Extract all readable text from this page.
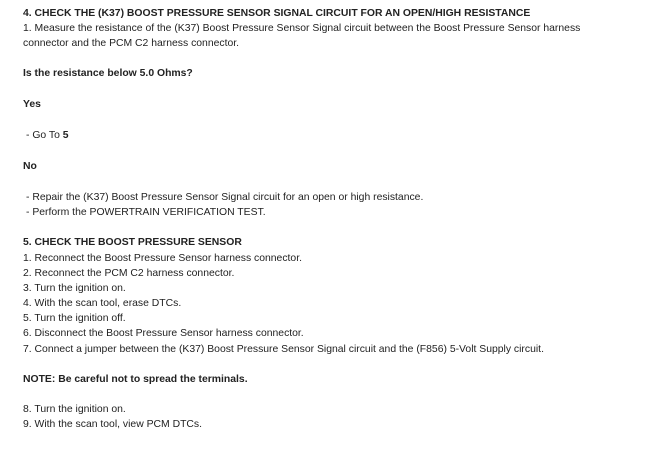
4. CHECK THE (K37) BOOST PRESSURE SENSOR SIGNAL CIRCUIT FOR AN OPEN/HIGH RESISTANCE
1. Measure the resistance of the (K37) Boost Pressure Sensor Signal circuit between the Boost Pressure Sensor harness
connector and the PCM C2 harness connector.
Is the resistance below 5.0 Ohms?
Yes
- Go To 5
No
- Repair the (K37) Boost Pressure Sensor Signal circuit for an open or high resistance.
- Perform the POWERTRAIN VERIFICATION TEST.
5. CHECK THE BOOST PRESSURE SENSOR
1. Reconnect the Boost Pressure Sensor harness connector.
2. Reconnect the PCM C2 harness connector.
3. Turn the ignition on.
4. With the scan tool, erase DTCs.
5. Turn the ignition off.
6. Disconnect the Boost Pressure Sensor harness connector.
7. Connect a jumper between the (K37) Boost Pressure Sensor Signal circuit and the (F856) 5-Volt Supply circuit.
NOTE: Be careful not to spread the terminals.
8. Turn the ignition on.
9. With the scan tool, view PCM DTCs.
